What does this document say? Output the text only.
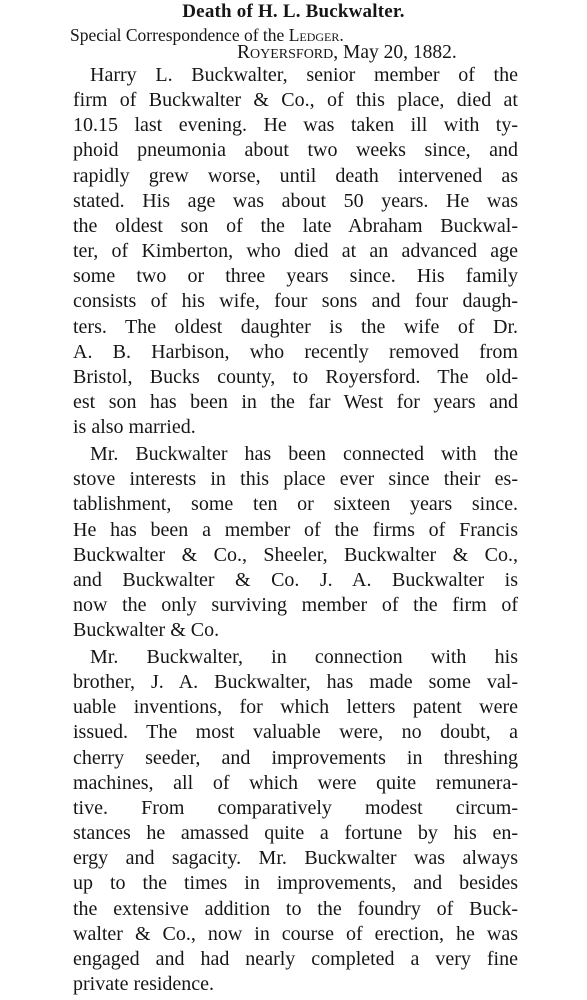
Death of H. L. Buckwalter.
Special Correspondence of the Ledger.
Royersford, May 20, 1882.
Harry L. Buckwalter, senior member of the
firm of Buckwalter & Co., of this place, died at
10.15 last evening. He was taken ill with ty-
phoid pneumonia about two weeks since, and
rapidly grew worse, until death intervened as
stated. His age was about 50 years. He was
the oldest son of the late Abraham Buckwal-
ter, of Kimberton, who died at an advanced age
some two or three years since. His family
consists of his wife, four sons and four daugh-
ters. The oldest daughter is the wife of Dr.
A. B. Harbison, who recently removed from
Bristol, Bucks county, to Royersford. The old-
est son has been in the far West for years and
is also married.
Mr. Buckwalter has been connected with the
stove interests in this place ever since their es-
tablishment, some ten or sixteen years since.
He has been a member of the firms of Francis
Buckwalter & Co., Sheeler, Buckwalter & Co.,
and Buckwalter & Co. J. A. Buckwalter is
now the only surviving member of the firm of
Buckwalter & Co.
Mr. Buckwalter, in connection with his
brother, J. A. Buckwalter, has made some val-
uable inventions, for which letters patent were
issued. The most valuable were, no doubt, a
cherry seeder, and improvements in threshing
machines, all of which were quite remunera-
tive. From comparatively modest circum-
stances he amassed quite a fortune by his en-
ergy and sagacity. Mr. Buckwalter was always
up to the times in improvements, and besides
the extensive addition to the foundry of Buck-
walter & Co., now in course of erection, he was
engaged and had nearly completed a very fine
private residence.
